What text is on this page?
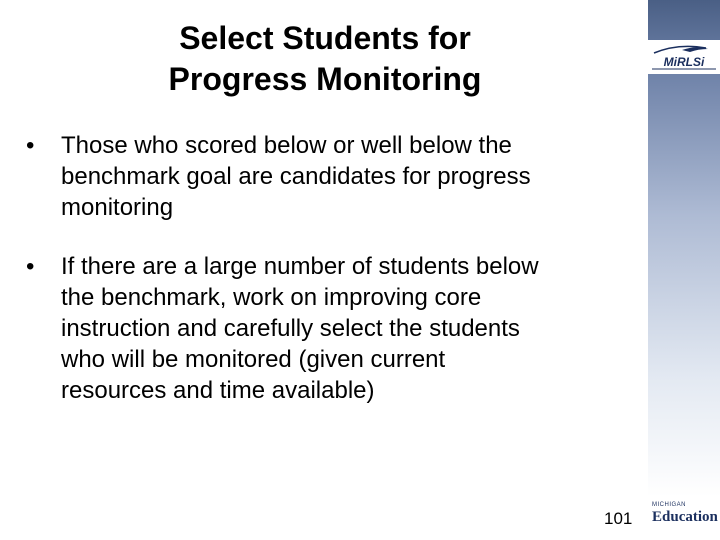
MiRLSi
Select Students for
Progress Monitoring
• Those who scored below or well below the
benchmark goal are candidates for progress
monitoring
• If there are a large number of students below
the benchmark, work on improving core
instruction and carefully select the students
who will be monitored (given current
resources and time available)
101
MICHIGAN
Education
